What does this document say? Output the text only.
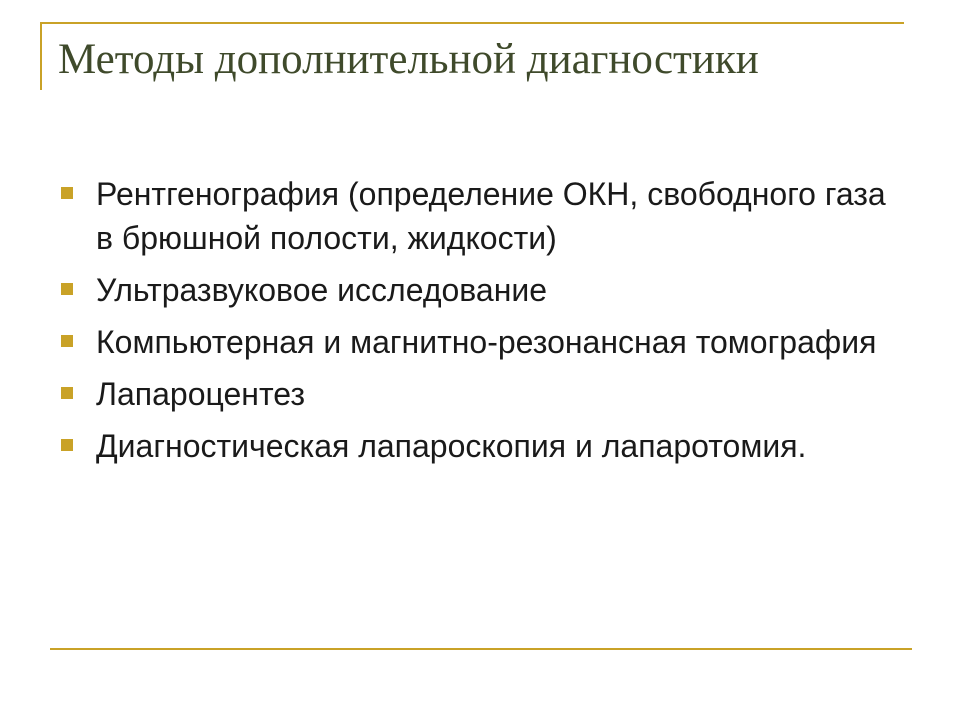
Методы дополнительной диагностики
Рентгенография (определение ОКН, свободного газа в брюшной полости, жидкости)
Ультразвуковое исследование
Компьютерная и магнитно-резонансная томография
Лапароцентез
Диагностическая лапароскопия и лапаротомия.
